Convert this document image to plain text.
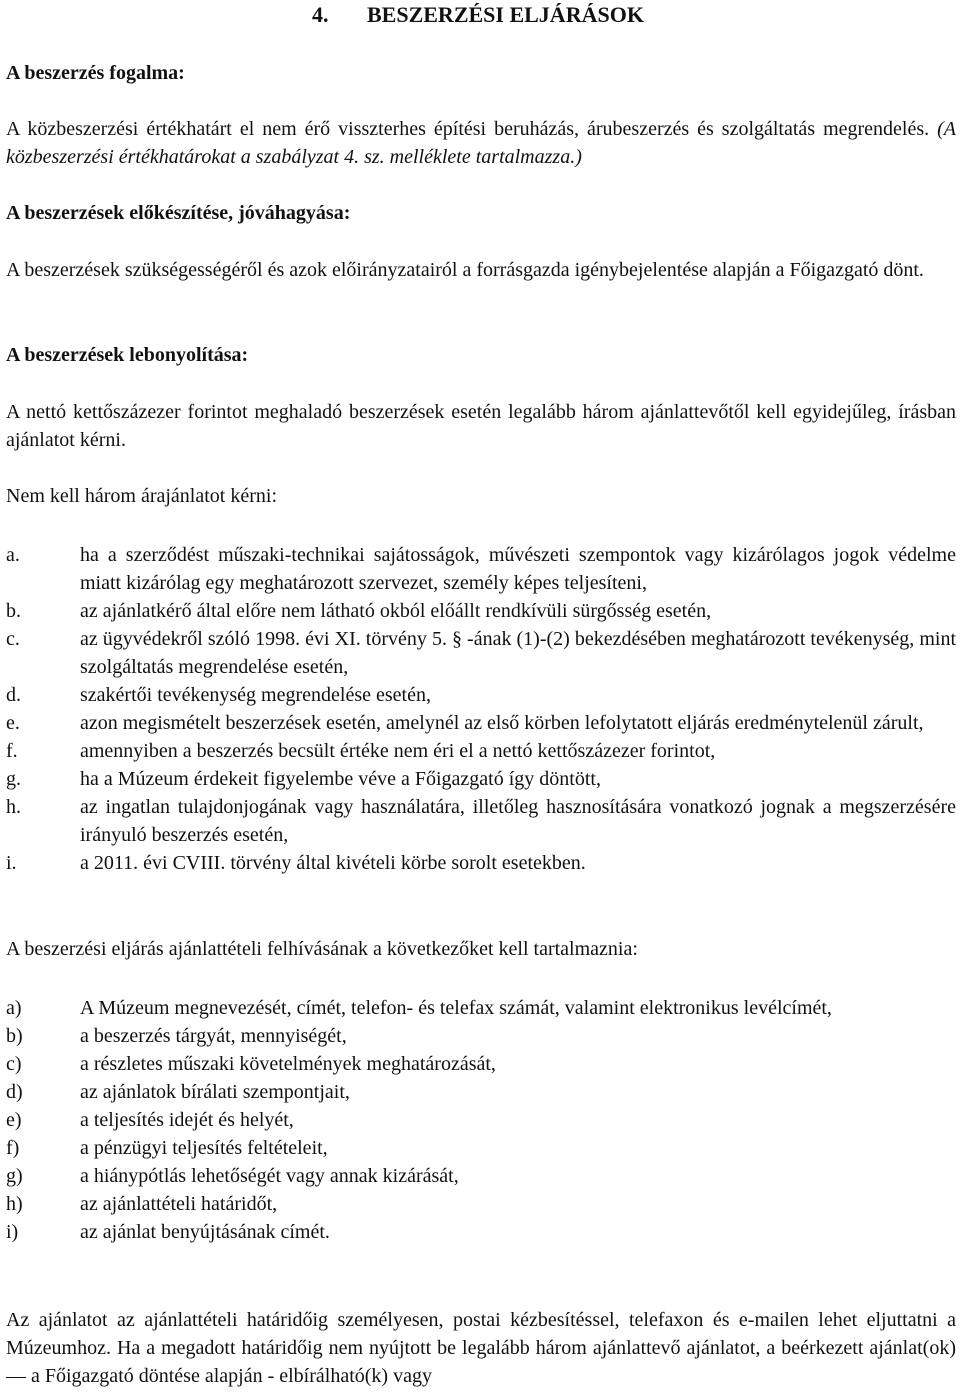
4. BESZERZÉSI ELJÁRÁSOK

A beszerzés fogalma:

A közbeszerzési értékhatárt el nem érő visszterhes építési beruházás, árubeszerzés és szolgáltatás megrendelés. (A közbeszerzési értékhatárokat a szabályzat 4. sz. melléklete tartalmazza.)

A beszerzések előkészítése, jóváhagyása:

A beszerzések szükségességéről és azok előirányzatairól a forrásgazda igénybejelentése alapján a Főigazgató dönt.

A beszerzések lebonyolítása:

A nettó kettőszázezer forintot meghaladó beszerzések esetén legalább három ajánlattevőtől kell egyidejűleg, írásban ajánlatot kérni.

Nem kell három árajánlatot kérni:

a.	ha a szerződést műszaki-technikai sajátosságok, művészeti szempontok vagy kizárólagos jogok védelme miatt kizárólag egy meghatározott szervezet, személy képes teljesíteni,
b.	az ajánlatkérő által előre nem látható okból előállt rendkívüli sürgősség esetén,
c.	az ügyvédekről szóló 1998. évi XI. törvény 5. § -ának (1)-(2) bekezdésében meghatározott tevékenység, mint szolgáltatás megrendelése esetén,
d.	szakértői tevékenység megrendelése esetén,
e.	azon megismételt beszerzések esetén, amelynél az első körben lefolytatott eljárás eredménytelenül zárult,
f.	amennyiben a beszerzés becsült értéke nem éri el a nettó kettőszázezer forintot,
g.	ha a Múzeum érdekeit figyelembe véve a Főigazgató így döntött,
h.	az ingatlan tulajdonjogának vagy használatára, illetőleg hasznosítására vonatkozó jognak a megszerzésére irányuló beszerzés esetén,
i.	a 2011. évi CVIII. törvény által kivételi körbe sorolt esetekben.

A beszerzési eljárás ajánlattételi felhívásának a következőket kell tartalmaznia:

a)	A Múzeum megnevezését, címét, telefon- és telefax számát, valamint elektronikus levélcímét,
b)	a beszerzés tárgyát, mennyiségét,
c)	a részletes műszaki követelmények meghatározását,
d)	az ajánlatok bírálati szempontjait,
e)	a teljesítés idejét és helyét,
f)	a pénzügyi teljesítés feltételeit,
g)	a hiánypótlás lehetőségét vagy annak kizárását,
h)	az ajánlattételi határidőt,
i)	az ajánlat benyújtásának címét.

Az ajánlatot az ajánlattételi határidőig személyesen, postai kézbesítéssel, telefaxon és e-mailen lehet eljuttatni a Múzeumhoz. Ha a megadott határidőig nem nyújtott be legalább három ajánlattevő ajánlatot, a beérkezett ajánlat(ok) — a Főigazgató döntése alapján - elbírálható(k) vagy
